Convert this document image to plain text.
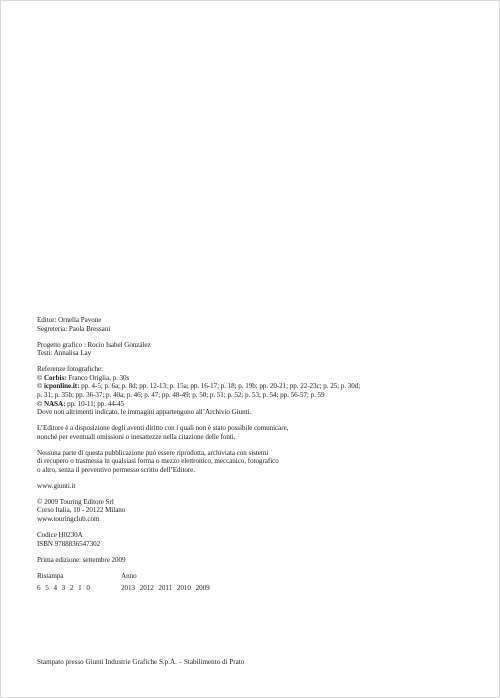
Editor: Ornella Pavone
Segreteria: Paola Bressani
Progetto grafico : Rocío Isabel González
Testi: Annalisa Lay
Referenze fotografiche:
© Corbis: Franco Origlia, p. 30s
© icponline.it: pp. 4-5; p. 6a; p. 8d; pp. 12-13; p. 15a; pp. 16-17; p. 18; p. 19b; pp. 20-21; pp. 22-23c; p. 25; p. 30d;
p. 31; p. 35b; pp. 36-37; p. 40a; p. 46; p. 47; pp. 48-49; p. 50; p. 51; p. 52; p. 53; p. 54; pp. 56-57; p. 59
© NASA: pp. 10-11; pp. 44-45
Dove non altrimenti indicato, le immagini appartengono all’Archivio Giunti.
L’Editore è a disposizione degli aventi diritto con i quali non è stato possibile comunicare,
nonché per eventuali omissioni o inesattezze nella citazione delle fonti.
Nessuna parte di questa pubblicazione può essere riprodotta, archiviata con sistemi
di recupero o trasmessa in qualsiasi forma o mezzo elettronico, meccanico, fotografico
o altro, senza il preventivo permesso scritto dell’Editore.
www.giunti.it
© 2009 Touring Editore Srl
Corso Italia, 10 - 20122 Milano
www.touringclub.com
Codice H0230A
ISBN 9788836547302
Prima edizione: settembre 2009
Ristampa	Anno
6 5 4 3 2 1 0	2013 2012 2011 2010 2009
Stampato presso Giunti Industrie Grafiche S.p.A. – Stabilimento di Prato
